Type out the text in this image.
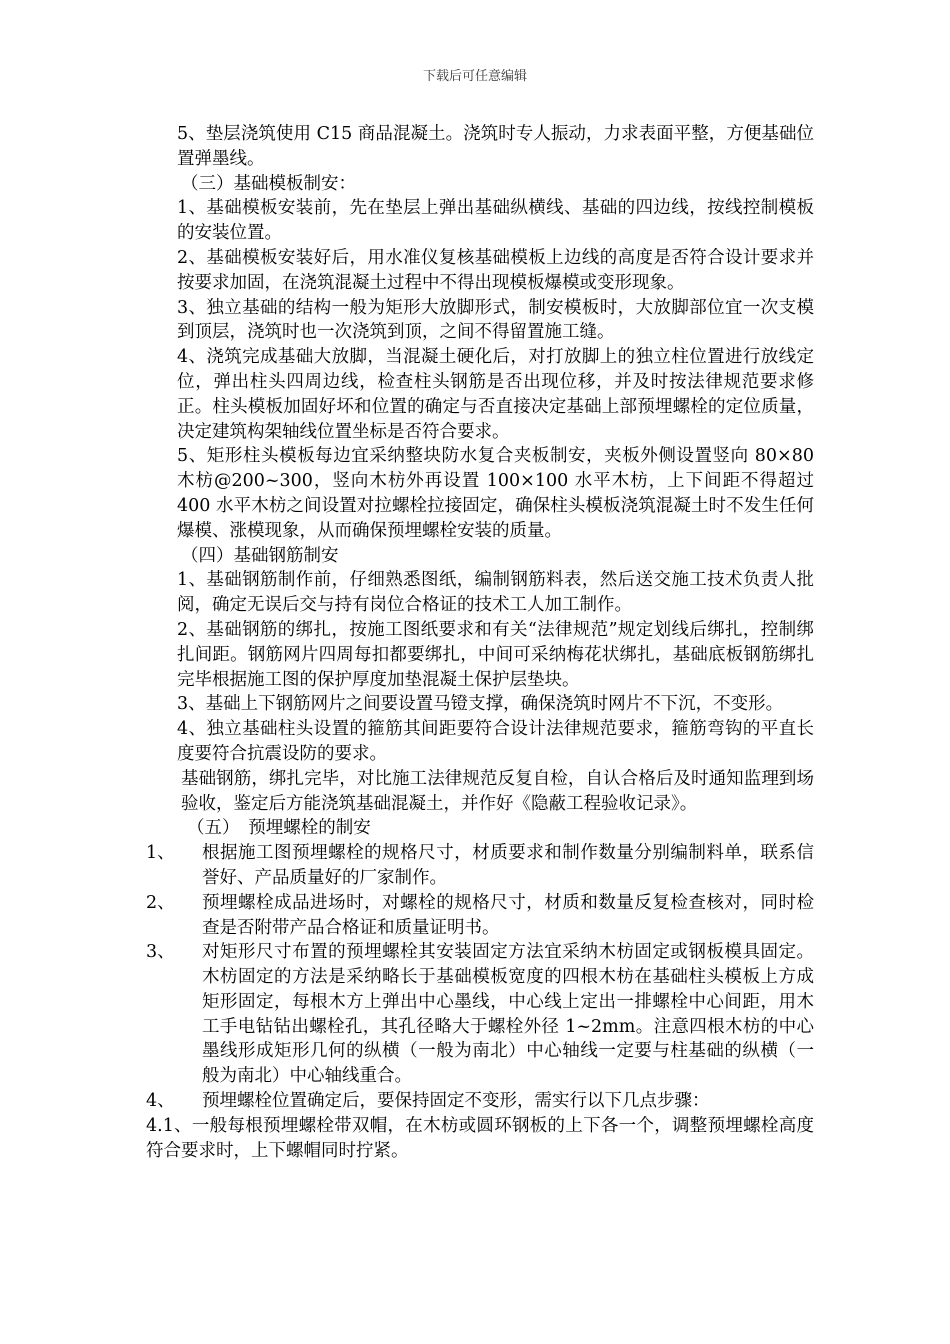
下载后可任意编辑

5、垫层浇筑使用 C15 商品混凝土。浇筑时专人振动，力求表面平整，方便基础位置弹墨线。

（三）基础模板制安：

1、基础模板安装前，先在垫层上弹出基础纵横线、基础的四边线，按线控制模板的安装位置。

2、基础模板安装好后，用水准仪复核基础模板上边线的高度是否符合设计要求并按要求加固，在浇筑混凝土过程中不得出现模板爆模或变形现象。

3、独立基础的结构一般为矩形大放脚形式，制安模板时，大放脚部位宜一次支模到顶层，浇筑时也一次浇筑到顶，之间不得留置施工缝。

4、浇筑完成基础大放脚，当混凝土硬化后，对打放脚上的独立柱位置进行放线定位，弹出柱头四周边线，检查柱头钢筋是否出现位移，并及时按法律规范要求修正。柱头模板加固好坏和位置的确定与否直接决定基础上部预埋螺栓的定位质量，决定建筑构架轴线位置坐标是否符合要求。

5、矩形柱头模板每边宜采纳整块防水复合夹板制安，夹板外侧设置竖向 80×80 木枋@200~300，竖向木枋外再设置 100×100 水平木枋，上下间距不得超过 400 水平木枋之间设置对拉螺栓拉接固定，确保柱头模板浇筑混凝土时不发生任何爆模、涨模现象，从而确保预埋螺栓安装的质量。

（四）基础钢筋制安

1、基础钢筋制作前，仔细熟悉图纸，编制钢筋料表，然后送交施工技术负责人批阅，确定无误后交与持有岗位合格证的技术工人加工制作。

2、基础钢筋的绑扎，按施工图纸要求和有关“法律规范”规定划线后绑扎，控制绑扎间距。钢筋网片四周每扣都要绑扎，中间可采纳梅花状绑扎，基础底板钢筋绑扎完毕根据施工图的保护厚度加垫混凝土保护层垫块。

3、基础上下钢筋网片之间要设置马镫支撑，确保浇筑时网片不下沉，不变形。

4、独立基础柱头设置的箍筋其间距要符合设计法律规范要求，箍筋弯钩的平直长度要符合抗震设防的要求。

基础钢筋，绑扎完毕，对比施工法律规范反复自检，自认合格后及时通知监理到场验收，鉴定后方能浇筑基础混凝土，并作好《隐蔽工程验收记录》。

（五）　预埋螺栓的制安

1、 根据施工图预埋螺栓的规格尺寸，材质要求和制作数量分别编制料单，联系信誉好、产品质量好的厂家制作。

2、 预埋螺栓成品进场时，对螺栓的规格尺寸，材质和数量反复检查核对，同时检查是否附带产品合格证和质量证明书。

3、 对矩形尺寸布置的预埋螺栓其安装固定方法宜采纳木枋固定或钢板模具固定。木枋固定的方法是采纳略长于基础模板宽度的四根木枋在基础柱头模板上方成矩形固定，每根木方上弹出中心墨线，中心线上定出一排螺栓中心间距，用木工手电钻钻出螺栓孔，其孔径略大于螺栓外径 1~2mm。注意四根木枋的中心墨线形成矩形几何的纵横（一般为南北）中心轴线一定要与柱基础的纵横（一般为南北）中心轴线重合。

4、 预埋螺栓位置确定后，要保持固定不变形，需实行以下几点步骤：

4.1、一般每根预埋螺栓带双帽，在木枋或圆环钢板的上下各一个，调整预埋螺栓高度符合要求时，上下螺帽同时拧紧。
